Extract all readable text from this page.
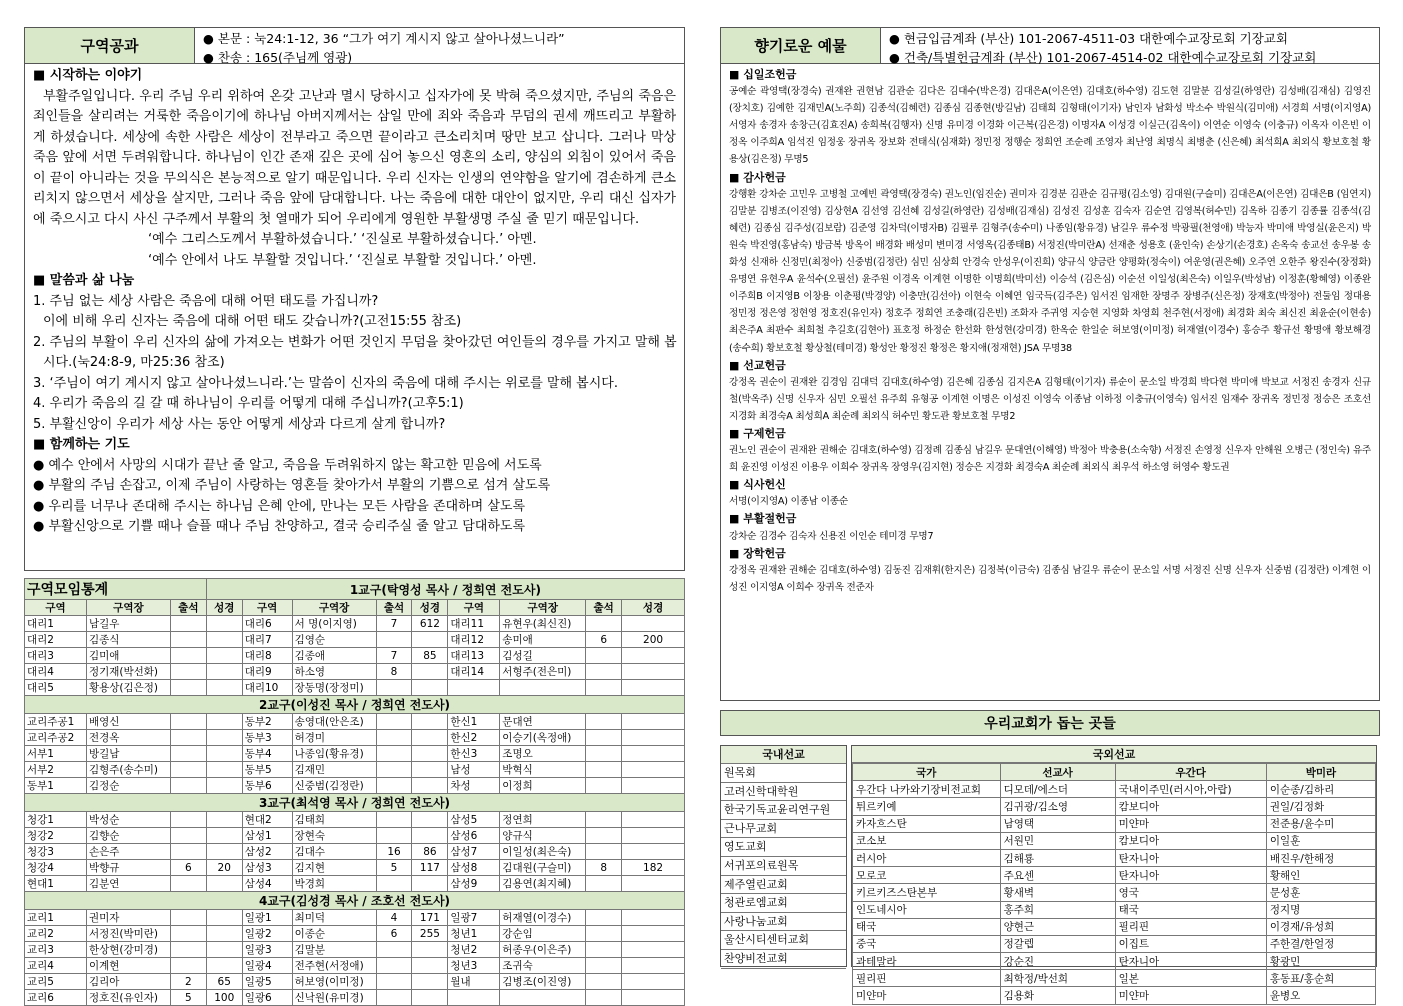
구역공과	● 본문 : 눅24:1-12, 36 “그가 여기 계시지 않고 살아나셨느니라”
● 찬송 : 165(주님께 영광)
■ 시작하는 이야기

부활주일입니다. 우리 주님 우리 위하여 온갖 고난과 멸시 당하시고 십자가에 못 박혀 죽으셨지만, 주님의 죽음은 죄인들을 살리려는 거룩한 죽음이기에 하나님 아버지께서는 삼일 만에 죄와 죽음과 무덤의 권세 깨뜨리고 부활하게 하셨습니다. 세상에 속한 사람은 세상이 전부라고 죽으면 끝이라고 큰소리치며 땅만 보고 삽니다. 그러나 막상 죽음 앞에 서면 두려워합니다. 하나님이 인간 존재 깊은 곳에 심어 놓으신 영혼의 소리, 양심의 외침이 있어서 죽음이 끝이 아니라는 것을 무의식은 본능적으로 알기 때문입니다. 우리 신자는 인생의 연약함을 알기에 겸손하게 큰소리치지 않으면서 세상을 살지만, 그러나 죽음 앞에 담대합니다. 나는 죽음에 대한 대안이 없지만, 우리 대신 십자가에 죽으시고 다시 사신 구주께서 부활의 첫 열매가 되어 우리에게 영원한 부활생명 주실 줄 믿기 때문입니다.

‘예수 그리스도께서 부활하셨습니다.’ ‘진실로 부활하셨습니다.’ 아멘.
‘예수 안에서 나도 부활할 것입니다.’ ‘진실로 부활할 것입니다.’ 아멘.
■ 말씀과 삶 나눔
1. 주님 없는 세상 사람은 죽음에 대해 어떤 태도를 가집니까?
이에 비해 우리 신자는 죽음에 대해 어떤 태도 갖습니까?(고전15:55 참조)
2. 주님의 부활이 우리 신자의 삶에 가져오는 변화가 어떤 것인지 무덤을 찾아갔던 여인들의 경우를 가지고 말해 봅
시다.(눅24:8-9, 마25:36 참조)
3. ‘주님이 여기 계시지 않고 살아나셨느니라.’는 말씀이 신자의 죽음에 대해 주시는 위로를 말해 봅시다.
4. 우리가 죽음의 길 갈 때 하나님이 우리를 어떻게 대해 주십니까?(고후5:1)
5. 부활신앙이 우리가 세상 사는 동안 어떻게 세상과 다르게 살게 합니까?
■ 함께하는 기도
● 예수 안에서 사망의 시대가 끝난 줄 알고, 죽음을 두려워하지 않는 확고한 믿음에 서도록
● 부활의 주님 손잡고, 이제 주님이 사랑하는 영혼들 찾아가서 부활의 기쁨으로 섬겨 살도록
● 우리를 너무나 존대해 주시는 하나님 은혜 안에, 만나는 모든 사람을 존대하며 살도록
● 부활신앙으로 기쁠 때나 슬플 때나 주님 찬양하고, 결국 승리주실 줄 알고 담대하도록
구역모임통계			1교구(탁영성 목사 / 정희연 전도사)								
구역	구역장	출석	성경	구역	구역장	출석	성경	구역	구역장	출석	성경
대리1	남길우			대리6	서 명(이지영)	7	612	대리11	유현우(최신진)		
대리2	김종식			대리7	김영순			대리12	송미애	6	200
대리3	김미애			대리8	김종애	7	85	대리13	김성길		
대리4	정기재(박선화)			대리9	하소영	8		대리14	서형주(전은미)		
대리5	황용상(김은정)			대리10	장동명(장정미)						
2교구(이성진 목사 / 정희연 전도사)											
교리주공1	배영신			동부2	송영대(안은조)			한신1	문대연		
교리주공2	전경옥			동부3	허경미			한신2	이승기(옥정애)		
서부1	방길남			동부4	나종임(황유경)			한신3	조명오		
서부2	김형주(송수미)			동부5	김재민			남성	박혁식		
동부1	김정순			동부6	신중범(김정란)			차성	이정희		
3교구(최석영 목사 / 정희연 전도사)											
청강1	박성순			현대2	김태희			삼성5	정연희		
청강2	김향순			삼성1	장현숙			삼성6	양규식		
청강3	손은주			삼성2	김대수	16	86	삼성7	이일성(최은숙)		
청강4	박향규	6	20	삼성3	김지현	5	117	삼성8	김대원(구슬미)	8	182
현대1	김분연			삼성4	박경희			삼성9	김용연(최지혜)		
4교구(김성경 목사 / 조호선 전도사)											
교리1	권미자			일광1	최미덕	4	171	일광7	허재열(이경수)		
교리2	서정진(박미란)			일광2	이종순	6	255	청년1	강순임		
교리3	한상현(강미경)			일광3	김말분			청년2	허종우(이은주)		
교리4	이계현			일광4	전주현(서정애)			청년3	조귀숙		
교리5	김리아	2	65	일광5	허보영(이미정)			월내	김병조(이진영)		
교리6	정호진(유인자)	5	100	일광6	신낙원(유미경)						
향기로운 예물	● 현금입금계좌 (부산) 101-2067-4511-03 대한예수교장로회 기장교회
● 건축/특별헌금계좌 (부산) 101-2067-4514-02 대한예수교장로회 기장교회
■ 십일조헌금

공예순 곽영택(장경숙) 권재완 권현남 김관순 김다은 김대수(박은경) 김대은A(이은연) 김대호(하수영) 김도현 김말분 김성길(하영란) 김성배(김재심) 김영진(장치호) 김예한 김재민A(노주희) 김종석(김혜련) 김종심 김종현(방길남) 김태희 김형태(이기자) 남인자 남화성 박소수 박원식(김미애) 서경희 서명(이지영A) 서영자 송경자 송창근(김효진A) 송희복(김행자) 신명 유미경 이경화 이근복(김은경) 이명자A 이성경 이실근(김옥이) 이연순 이영숙 (이충규) 이옥자 이은빈 이정옥 이주희A 임석진 임정웅 장귀옥 장보화 전태식(심재화) 정민정 정행순 정희연 조순례 조영자 최난영 최명식 최병춘 (신은혜) 최석희A 최외식 황보호철 황용상(김은정) 무명5

■ 감사헌금

강행환 강차순 고민우 고병철 고예빈 곽영택(장경숙) 권노인(임진순) 권미자 김경분 김관순 김규평(김소영) 김대원(구슬미) 김대은A(이은연) 김대은B (임연지) 김말분 김병조(이진영) 김상현A 김선영 김선혜 김성길(하영란) 김성배(김재심) 김성진 김성훈 김숙자 김순연 김영복(허수민) 김옥하 김종기 김종률 김종석(김혜련) 김종심 김주성(김보람) 김준영 김차덕(이명자B) 김필루 김형주(송수미) 나종임(황유경) 남길우 류수정 박광필(천영애) 박능자 박미애 박영실(윤은지) 박원숙 박진영(홍남숙) 방금복 방옥이 배경화 배성미 변미경 서영옥(김종태B) 서정진(박미란A) 선재춘 성용호 (윤인숙) 손상기(손경호) 손옥숙 송교선 송우봉 송화성 신재하 신정민(최정아) 신중범(김정란) 심민 심상희 안경숙 안성우(이진희) 양규식 양금란 양평화(정숙이) 여운영(권은혜) 오주연 오한주 왕진수(장정화) 유명연 유현우A 윤석수(오필선) 윤주원 이경옥 이계현 이명한 이명희(박미선) 이승석 (김은심) 이순선 이일성(최은숙) 이일우(박성남) 이정훈(황혜영) 이종완 이주희B 이지영B 이창용 이춘평(박경양) 이충만(김선아) 이현숙 이혜연 임국득(김주은) 임서진 임재한 장명주 장병주(신은정) 장재호(박정아) 전둘임 정대용 정민정 정은영 정현영 정호진(유인자) 정호주 정희연 조충래(김은빈) 조화자 주귀영 지승현 지영화 차영희 천주현(서정애) 최경화 최숙 최신진 최윤순(이현송) 최은주A 최판수 최희철 추길호(김현아) 표호정 하정순 한선화 한성현(강미경) 한옥순 한일순 허보영(이미정) 허재열(이경수) 홍승주 황규선 황명애 황보해경(송수희) 황보호철 황상철(테미경) 황성안 황정진 황정은 황지애(정재현) JSA 무명38

■ 선교헌금

강정옥 권순이 권재완 김경임 김대덕 김대호(하수영) 김은혜 김종심 김지은A 김형태(이기자) 류순이 문소일 박경희 박다현 박미애 박보교 서정진 송경자 신규철(박옥주) 신명 신우자 심민 오필선 유주희 유형공 이계현 이명은 이성진 이영숙 이종남 이하정 이충규(이영숙) 임서진 임재수 장귀옥 정민정 정승은 조호선 지경화 최경숙A 최성희A 최순례 최외식 허수민 황도관 황보호철 무명2

■ 구제헌금

권노인 권순이 권재완 권해순 김대호(하수영) 김정례 김종심 남길우 문대연(이해영) 박정아 박충용(소숙향) 서정진 손영정 신우자 안해원 오병근 (정인숙) 유주희 윤진영 이성진 이용우 이희수 장귀옥 장영우(김지현) 정승은 지경화 최경숙A 최순례 최외식 최우석 하소영 허영수 황도권

■ 식사헌신

서명(이지영A) 이종남 이종순

■ 부활절헌금

강차순 김경수 김숙자 신용진 이인순 테미경 무명7

■ 장학헌금

강정옥 권재완 권해순 김대호(하수영) 김동진 김재휘(한지은) 김정복(이금숙) 김종심 남길우 류순이 문소일 서명 서정진 신명 신우자 신중범 (김정란) 이계현 이성진 이지영A 이희수 장귀옥 전준자

우리교회가 돕는 곳들
국내선교
원목회
고려신학대학원
한국기독교윤리연구원
근나무교회
영도교회
서귀포의료원목
제주열린교회
청관로엠교회
사랑나눔교회
울산시티센터교회
찬양비전교회
국외선교
국가	선교사	우간다	박미라
우간다 나카와기장비전교회	디모데/에스더	국내이주민(러시아,아랍)	이순종/김하리
튀르키예	김귀광/김소영	캄보디아	권일/김정화
카자흐스탄	남영택	미얀마	전준용/윤수미
코소보	서원민	캄보디아	이일훈
러시아	김해룡	탄자니아	배진우/한해정
모로코	주요센	탄자니아	황해인
키르키즈스탄본부	황새벽	영국	문성훈
인도네시아	홍주희	태국	정지명
태국	양현근	필리핀	이경재/유성희
중국	정갈렙	이집트	주한결/한얼정
과테말라	강순진	탄자니아	황광민
필리핀	최학정/박선희	일본	홍동표/홍순희
미얀마	김용화	미얀마	윤병오
